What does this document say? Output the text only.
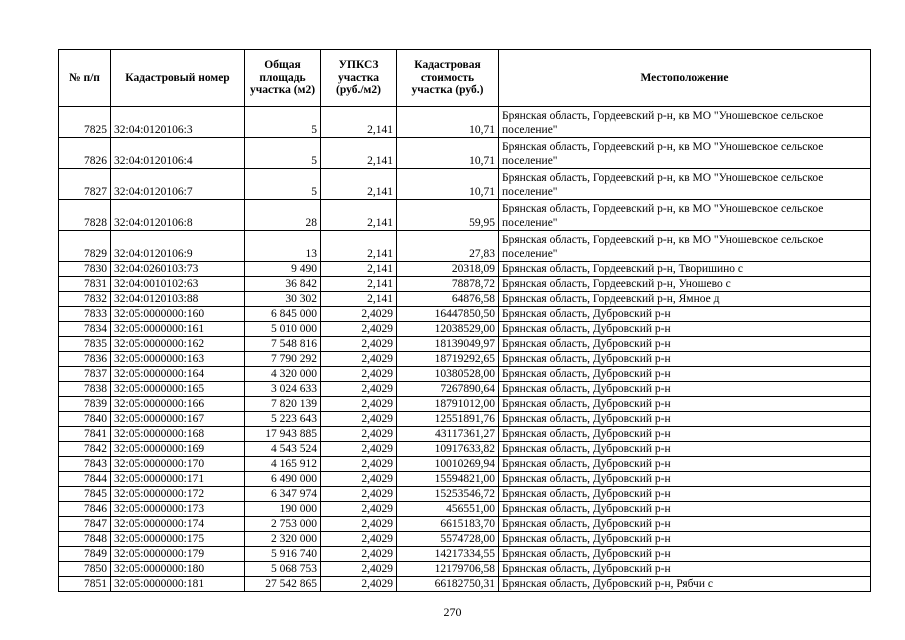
№ п/п	Кадастровый номер	Общая площадь участка (м2)	УПКСЗ участка (руб./м2)	Кадастровая стоимость участка (руб.)	Местоположение
7825	32:04:0120106:3	5	2,141	10,71	Брянская область, Гордеевский р-н, кв МО "Уношевское сельское поселение"
7826	32:04:0120106:4	5	2,141	10,71	Брянская область, Гордеевский р-н, кв МО "Уношевское сельское поселение"
7827	32:04:0120106:7	5	2,141	10,71	Брянская область, Гордеевский р-н, кв МО "Уношевское сельское поселение"
7828	32:04:0120106:8	28	2,141	59,95	Брянская область, Гордеевский р-н, кв МО "Уношевское сельское поселение"
7829	32:04:0120106:9	13	2,141	27,83	Брянская область, Гордеевский р-н, кв МО "Уношевское сельское поселение"
7830	32:04:0260103:73	9 490	2,141	20318,09	Брянская область, Гордеевский р-н, Творишино с
7831	32:04:0010102:63	36 842	2,141	78878,72	Брянская область, Гордеевский р-н, Уношево с
7832	32:04:0120103:88	30 302	2,141	64876,58	Брянская область, Гордеевский р-н, Ямное д
7833	32:05:0000000:160	6 845 000	2,4029	16447850,50	Брянская область, Дубровский р-н
7834	32:05:0000000:161	5 010 000	2,4029	12038529,00	Брянская область, Дубровский р-н
7835	32:05:0000000:162	7 548 816	2,4029	18139049,97	Брянская область, Дубровский р-н
7836	32:05:0000000:163	7 790 292	2,4029	18719292,65	Брянская область, Дубровский р-н
7837	32:05:0000000:164	4 320 000	2,4029	10380528,00	Брянская область, Дубровский р-н
7838	32:05:0000000:165	3 024 633	2,4029	7267890,64	Брянская область, Дубровский р-н
7839	32:05:0000000:166	7 820 139	2,4029	18791012,00	Брянская область, Дубровский р-н
7840	32:05:0000000:167	5 223 643	2,4029	12551891,76	Брянская область, Дубровский р-н
7841	32:05:0000000:168	17 943 885	2,4029	43117361,27	Брянская область, Дубровский р-н
7842	32:05:0000000:169	4 543 524	2,4029	10917633,82	Брянская область, Дубровский р-н
7843	32:05:0000000:170	4 165 912	2,4029	10010269,94	Брянская область, Дубровский р-н
7844	32:05:0000000:171	6 490 000	2,4029	15594821,00	Брянская область, Дубровский р-н
7845	32:05:0000000:172	6 347 974	2,4029	15253546,72	Брянская область, Дубровский р-н
7846	32:05:0000000:173	190 000	2,4029	456551,00	Брянская область, Дубровский р-н
7847	32:05:0000000:174	2 753 000	2,4029	6615183,70	Брянская область, Дубровский р-н
7848	32:05:0000000:175	2 320 000	2,4029	5574728,00	Брянская область, Дубровский р-н
7849	32:05:0000000:179	5 916 740	2,4029	14217334,55	Брянская область, Дубровский р-н
7850	32:05:0000000:180	5 068 753	2,4029	12179706,58	Брянская область, Дубровский р-н
7851	32:05:0000000:181	27 542 865	2,4029	66182750,31	Брянская область, Дубровский р-н, Рябчи с
270
